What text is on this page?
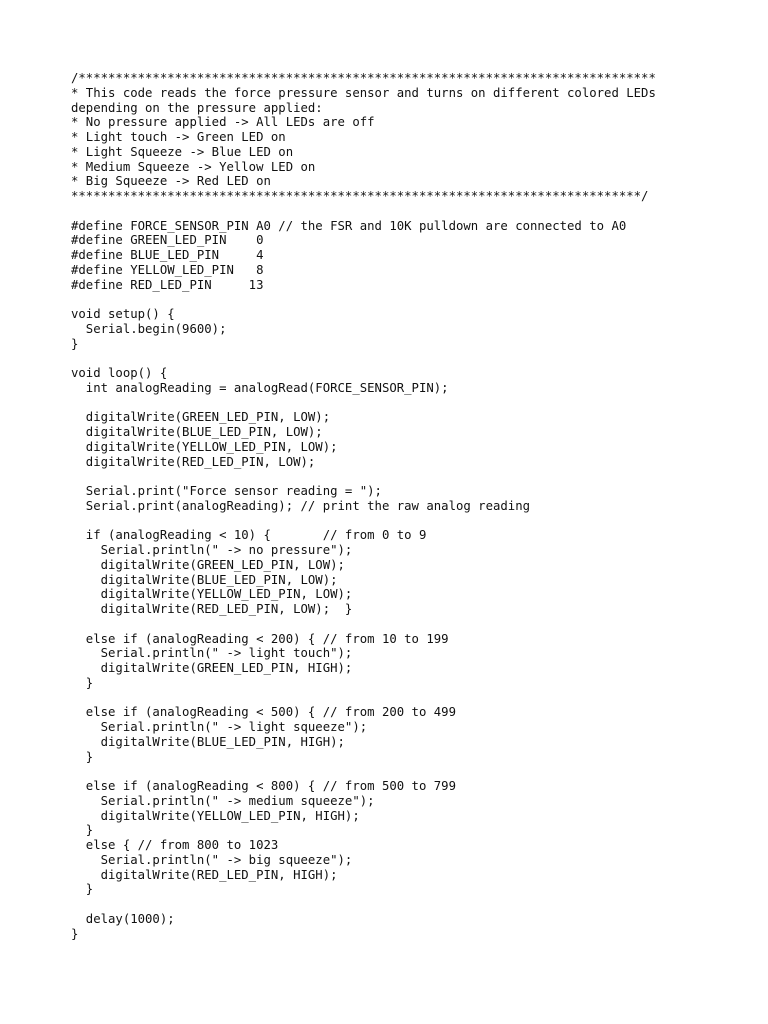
/******************************************************************************
* This code reads the force pressure sensor and turns on different colored LEDs
depending on the pressure applied:
* No pressure applied -> All LEDs are off
* Light touch -> Green LED on
* Light Squeeze -> Blue LED on
* Medium Squeeze -> Yellow LED on
* Big Squeeze -> Red LED on
*****************************************************************************/
#define FORCE_SENSOR_PIN A0 // the FSR and 10K pulldown are connected to A0
#define GREEN_LED_PIN    0
#define BLUE_LED_PIN     4
#define YELLOW_LED_PIN   8
#define RED_LED_PIN     13
void setup() {
Serial.begin(9600);
}
void loop() {
int analogReading = analogRead(FORCE_SENSOR_PIN);
digitalWrite(GREEN_LED_PIN, LOW);
digitalWrite(BLUE_LED_PIN, LOW);
digitalWrite(YELLOW_LED_PIN, LOW);
digitalWrite(RED_LED_PIN, LOW);
Serial.print("Force sensor reading = ");
Serial.print(analogReading); // print the raw analog reading
if (analogReading < 10) {       // from 0 to 9
Serial.println(" -> no pressure");
digitalWrite(GREEN_LED_PIN, LOW);
digitalWrite(BLUE_LED_PIN, LOW);
digitalWrite(YELLOW_LED_PIN, LOW);
digitalWrite(RED_LED_PIN, LOW);  }
else if (analogReading < 200) { // from 10 to 199
Serial.println(" -> light touch");
digitalWrite(GREEN_LED_PIN, HIGH);
}
else if (analogReading < 500) { // from 200 to 499
Serial.println(" -> light squeeze");
digitalWrite(BLUE_LED_PIN, HIGH);
}
else if (analogReading < 800) { // from 500 to 799
Serial.println(" -> medium squeeze");
digitalWrite(YELLOW_LED_PIN, HIGH);
}
else { // from 800 to 1023
Serial.println(" -> big squeeze");
digitalWrite(RED_LED_PIN, HIGH);
}
delay(1000);
}
